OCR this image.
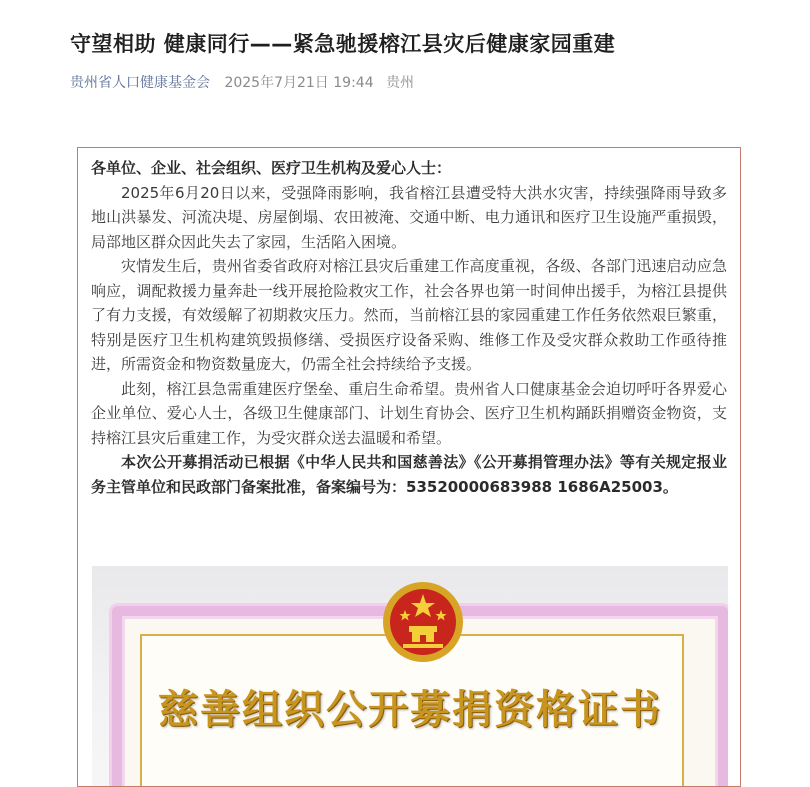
守望相助 健康同行——紧急驰援榕江县灾后健康家园重建
贵州省人口健康基金会 2025年7月21日 19:44 贵州

各单位、企业、社会组织、医疗卫生机构及爱心人士：

2025年6月20日以来，受强降雨影响，我省榕江县遭受特大洪水灾害，持续强降雨导致多地山洪暴发、河流决堤、房屋倒塌、农田被淹、交通中断、电力通讯和医疗卫生设施严重损毁，局部地区群众因此失去了家园，生活陷入困境。

灾情发生后，贵州省委省政府对榕江县灾后重建工作高度重视，各级、各部门迅速启动应急响应，调配救援力量奔赴一线开展抢险救灾工作，社会各界也第一时间伸出援手，为榕江县提供了有力支援，有效缓解了初期救灾压力。然而，当前榕江县的家园重建工作任务依然艰巨繁重，特别是医疗卫生机构建筑毁损修缮、受损医疗设备采购、维修工作及受灾群众救助工作亟待推进，所需资金和物资数量庞大，仍需全社会持续给予支援。

此刻，榕江县急需重建医疗堡垒、重启生命希望。贵州省人口健康基金会迫切呼吁各界爱心企业单位、爱心人士，各级卫生健康部门、计划生育协会、医疗卫生机构踊跃捐赠资金物资，支持榕江县灾后重建工作，为受灾群众送去温暖和希望。

本次公开募捐活动已根据《中华人民共和国慈善法》《公开募捐管理办法》等有关规定报业务主管单位和民政部门备案批准，备案编号为：53520000683988 1686A25003。

慈善组织公开募捐资格证书
